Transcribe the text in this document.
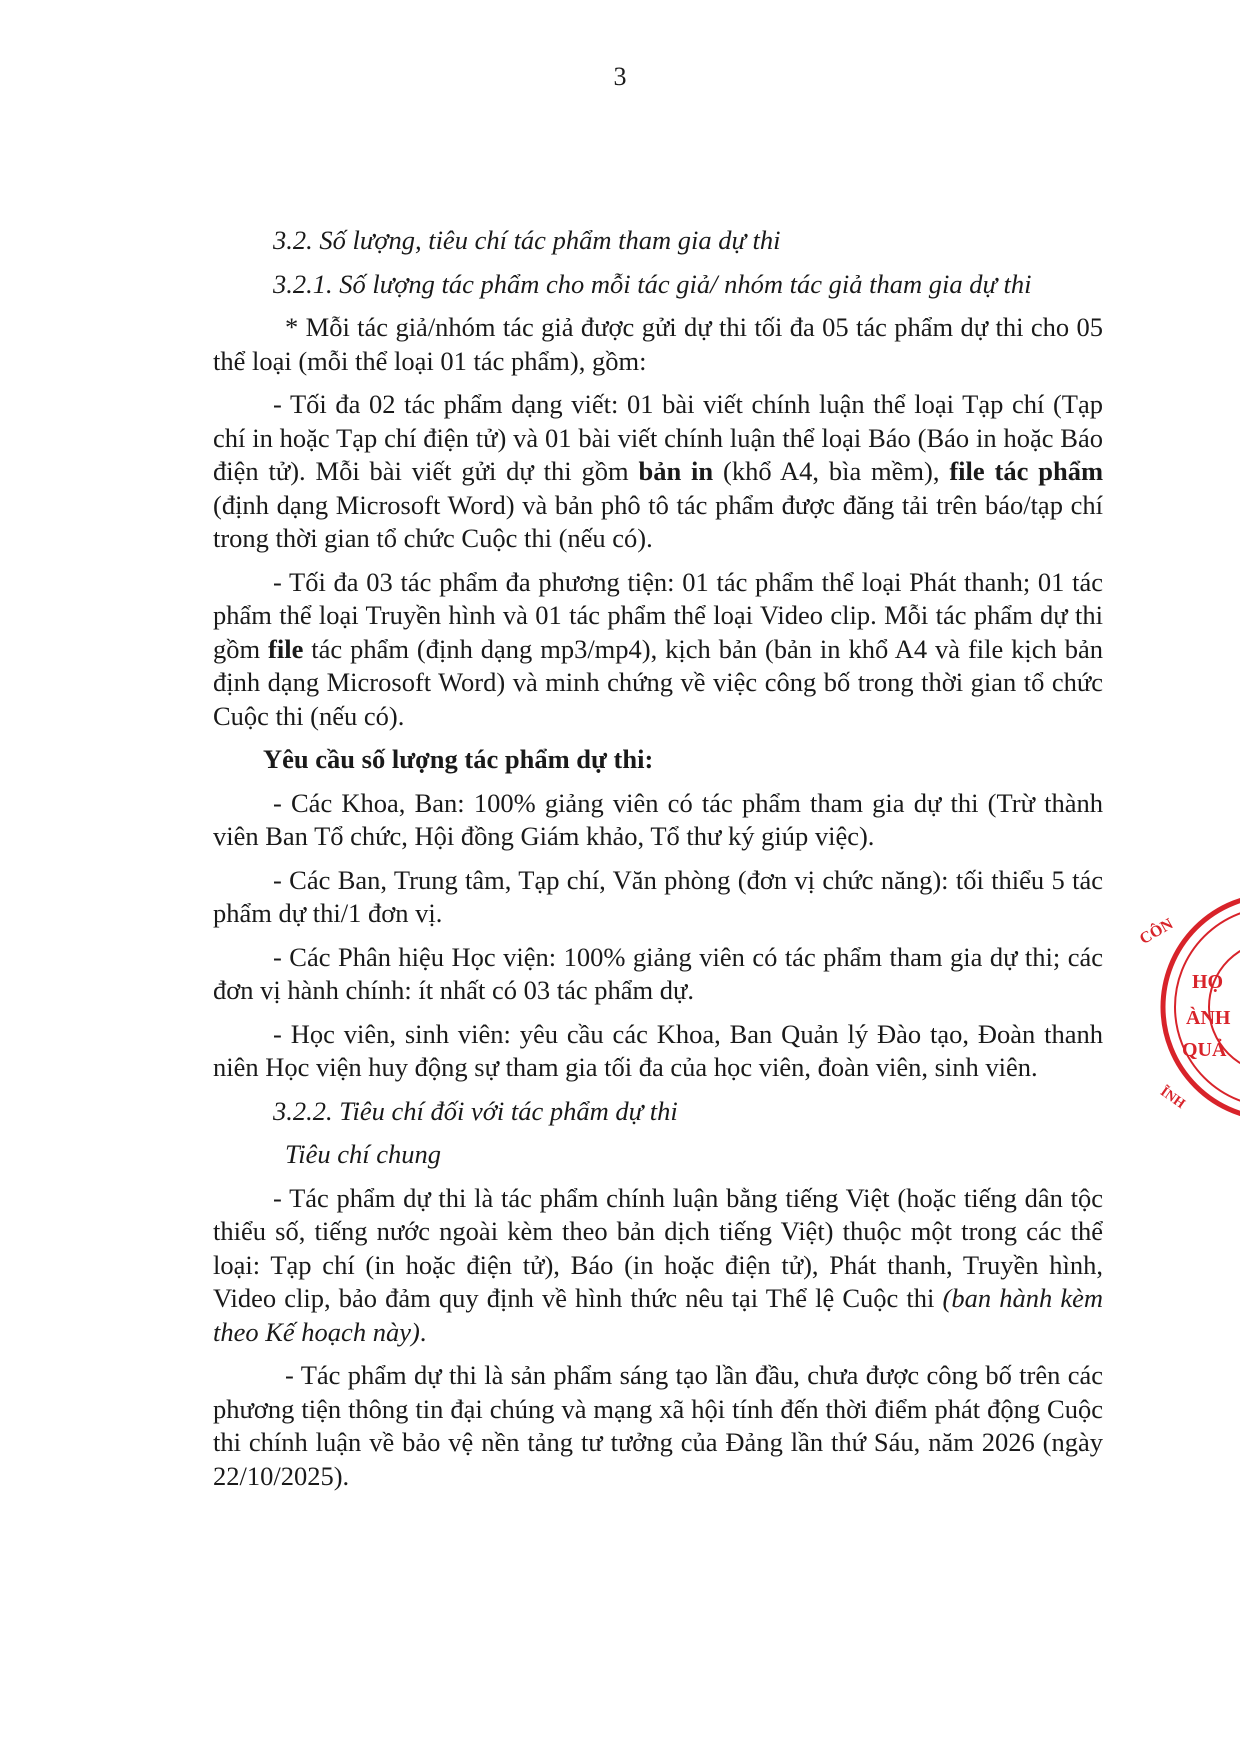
3

3.2. Số lượng, tiêu chí tác phẩm tham gia dự thi

3.2.1. Số lượng tác phẩm cho mỗi tác giả/ nhóm tác giả tham gia dự thi

* Mỗi tác giả/nhóm tác giả được gửi dự thi tối đa 05 tác phẩm dự thi cho 05 thể loại (mỗi thể loại 01 tác phẩm), gồm:

- Tối đa 02 tác phẩm dạng viết: 01 bài viết chính luận thể loại Tạp chí (Tạp chí in hoặc Tạp chí điện tử) và 01 bài viết chính luận thể loại Báo (Báo in hoặc Báo điện tử). Mỗi bài viết gửi dự thi gồm bản in (khổ A4, bìa mềm), file tác phẩm (định dạng Microsoft Word) và bản phô tô tác phẩm được đăng tải trên báo/tạp chí trong thời gian tổ chức Cuộc thi (nếu có).

- Tối đa 03 tác phẩm đa phương tiện: 01 tác phẩm thể loại Phát thanh; 01 tác phẩm thể loại Truyền hình và 01 tác phẩm thể loại Video clip. Mỗi tác phẩm dự thi gồm file tác phẩm (định dạng mp3/mp4), kịch bản (bản in khổ A4 và file kịch bản định dạng Microsoft Word) và minh chứng về việc công bố trong thời gian tổ chức Cuộc thi (nếu có).

Yêu cầu số lượng tác phẩm dự thi:

- Các Khoa, Ban: 100% giảng viên có tác phẩm tham gia dự thi (Trừ thành viên Ban Tổ chức, Hội đồng Giám khảo, Tổ thư ký giúp việc).

- Các Ban, Trung tâm, Tạp chí, Văn phòng (đơn vị chức năng): tối thiểu 5 tác phẩm dự thi/1 đơn vị.

- Các Phân hiệu Học viện: 100% giảng viên có tác phẩm tham gia dự thi; các đơn vị hành chính: ít nhất có 03 tác phẩm dự.

- Học viên, sinh viên: yêu cầu các Khoa, Ban Quản lý Đào tạo, Đoàn thanh niên Học viện huy động sự tham gia tối đa của học viên, đoàn viên, sinh viên.

3.2.2. Tiêu chí đối với tác phẩm dự thi

Tiêu chí chung

- Tác phẩm dự thi là tác phẩm chính luận bằng tiếng Việt (hoặc tiếng dân tộc thiểu số, tiếng nước ngoài kèm theo bản dịch tiếng Việt) thuộc một trong các thể loại: Tạp chí (in hoặc điện tử), Báo (in hoặc điện tử), Phát thanh, Truyền hình, Video clip, bảo đảm quy định về hình thức nêu tại Thể lệ Cuộc thi (ban hành kèm theo Kế hoạch này).

- Tác phẩm dự thi là sản phẩm sáng tạo lần đầu, chưa được công bố trên các phương tiện thông tin đại chúng và mạng xã hội tính đến thời điểm phát động Cuộc thi chính luận về bảo vệ nền tảng tư tưởng của Đảng lần thứ Sáu, năm 2026 (ngày 22/10/2025).

CÔN
HỌ
ÀNH
QUẢ
ĨNH
